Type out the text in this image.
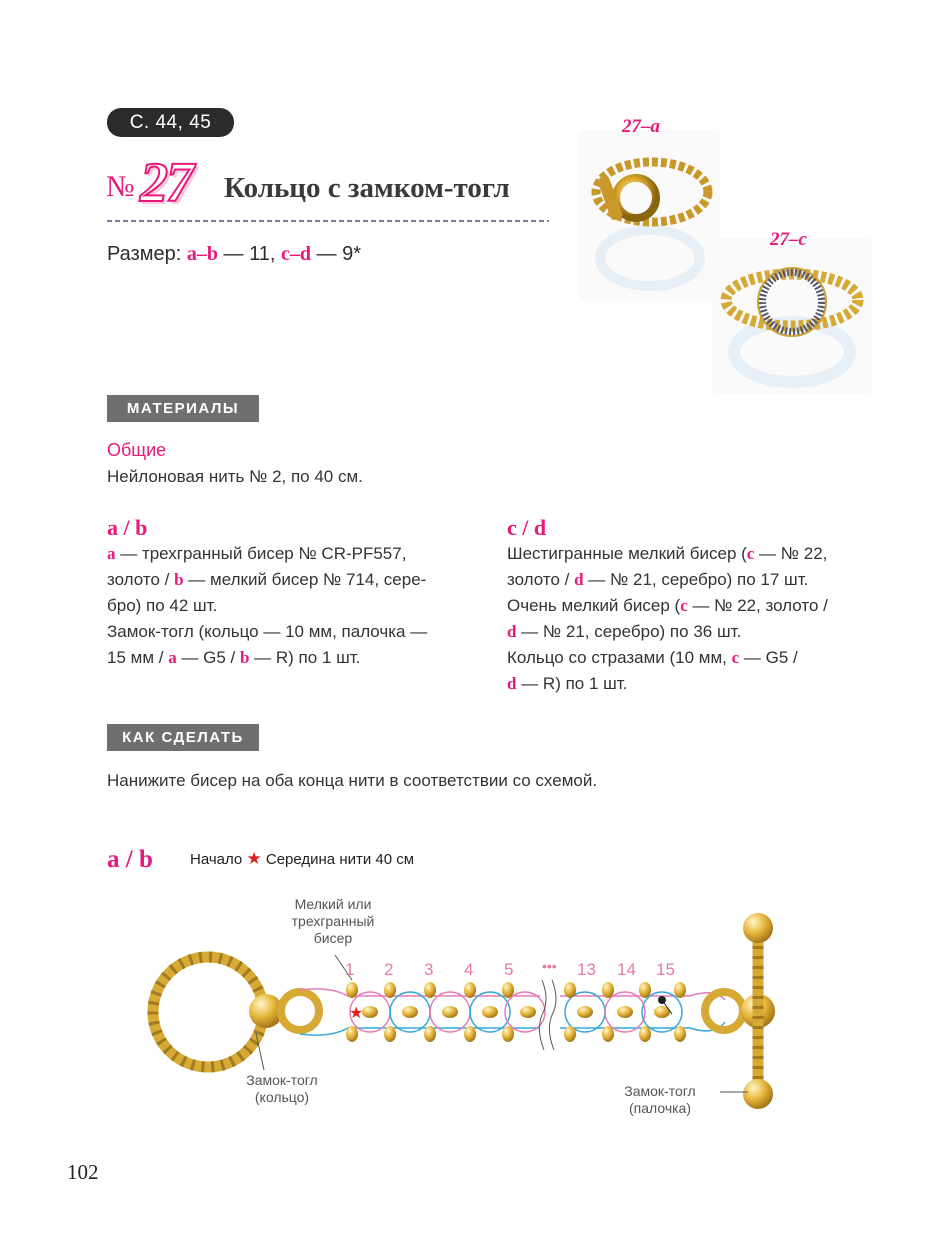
С. 44, 45
№ 27 Кольцо с замком-тогл
Размер: a–b — 11, c–d — 9*
27–a
27–c
МАТЕРИАЛЫ
Общие
Нейлоновая нить № 2, по 40 см.
a / b
a — трехгранный бисер № CR-PF557,
золото / b — мелкий бисер № 714, сере-
бро) по 42 шт.
Замок-тогл (кольцо — 10 мм, палочка —
15 мм / a — G5 / b — R) по 1 шт.
c / d
Шестигранные мелкий бисер (c — № 22,
золото / d — № 21, серебро) по 17 шт.
Очень мелкий бисер (c — № 22, золото /
d — № 21, серебро) по 36 шт.
Кольцо со стразами (10 мм, c — G5 /
d — R) по 1 шт.
КАК СДЕЛАТЬ
Нанижите бисер на оба конца нити в соответствии со схемой.
a / b Начало ★ Середина нити 40 см
Мелкий или
трехгранный
бисер
★
1 2 3 4 5 ••• 13 14 15
Замок-тогл
(кольцо)	Замок-тогл
(палочка)
102
